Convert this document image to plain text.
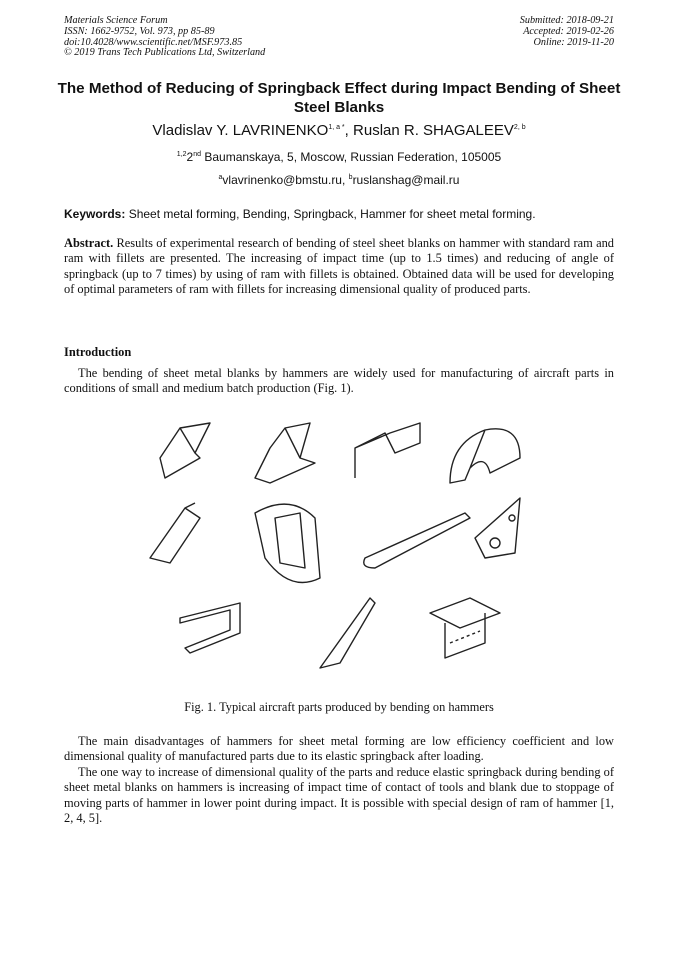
Materials Science Forum
ISSN: 1662-9752, Vol. 973, pp 85-89
doi:10.4028/www.scientific.net/MSF.973.85
© 2019 Trans Tech Publications Ltd, Switzerland
Submitted: 2018-09-21
Accepted: 2019-02-26
Online: 2019-11-20
The Method of Reducing of Springback Effect during Impact Bending of Sheet Steel Blanks
Vladislav Y. $LAVRINENKO^{1, a *}$, Ruslan R. SHAGALEEV$^{2, b}$
$^{1,2}$2nd Baumanskaya, 5, Moscow, Russian Federation, 105005
$^a$vlavrinenko@bmstu.ru, $^b$ruslanshag@mail.ru
Keywords: Sheet metal forming, Bending, Springback, Hammer for sheet metal forming.
Abstract. Results of experimental research of bending of steel sheet blanks on hammer with standard ram and ram with fillets are presented. The increasing of impact time (up to 1.5 times) and reducing of angle of springback (up to 7 times) by using of ram with fillets is obtained. Obtained data will be used for developing of optimal parameters of ram with fillets for increasing dimensional quality of produced parts.
Introduction
The bending of sheet metal blanks by hammers are widely used for manufacturing of aircraft parts in conditions of small and medium batch production (Fig. 1).
Fig. 1. Typical aircraft parts produced by bending on hammers
The main disadvantages of hammers for sheet metal forming are low efficiency coefficient and low dimensional quality of manufactured parts due to its elastic springback after loading.
The one way to increase of dimensional quality of the parts and reduce elastic springback during bending of sheet metal blanks on hammers is increasing of impact time of contact of tools and blank due to stoppage of moving parts of hammer in lower point during impact. It is possible with special design of ram of hammer [1, 2, 4, 5].
